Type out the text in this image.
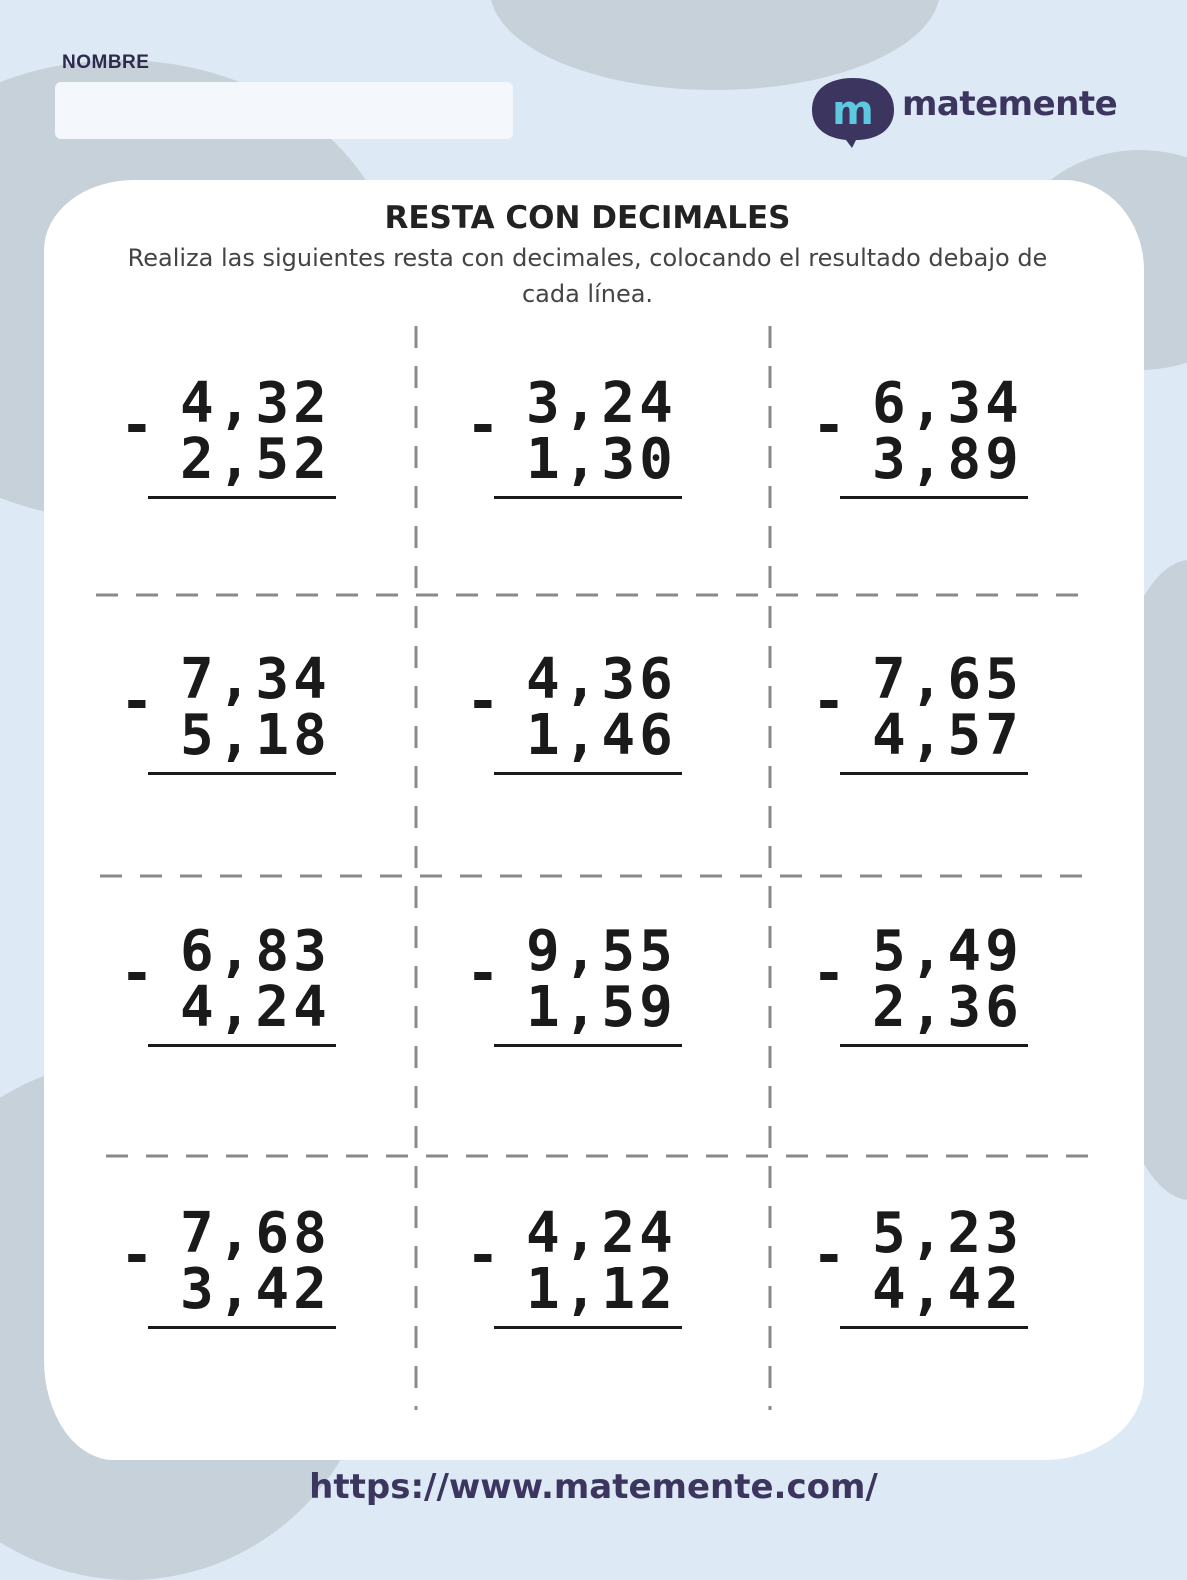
NOMBRE
m matemente
RESTA CON DECIMALES
Realiza las siguientes resta con decimales, colocando el resultado debajo de cada línea.
- 4,32
2,52
- 3,24
1,30
- 6,34
3,89
- 7,34
5,18
- 4,36
1,46
- 7,65
4,57
- 6,83
4,24
- 9,55
1,59
- 5,49
2,36
- 7,68
3,42
- 4,24
1,12
- 5,23
4,42
https://www.matemente.com/
